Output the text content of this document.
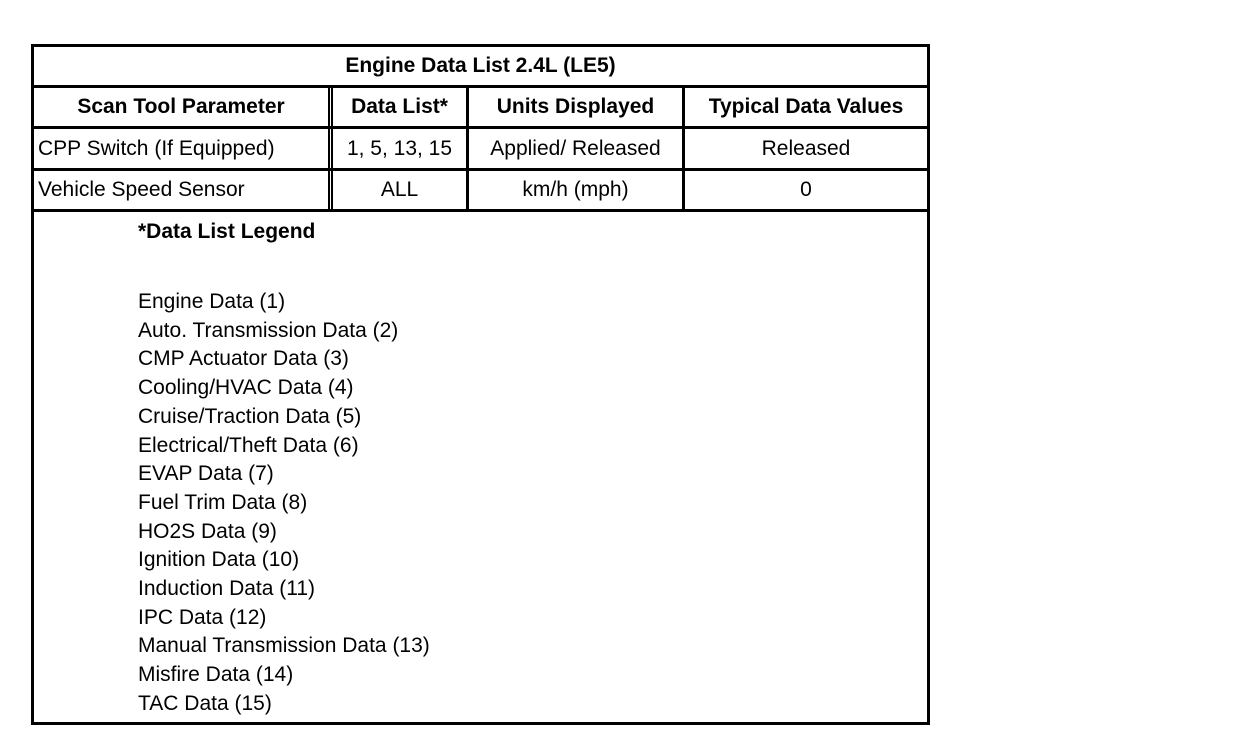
Engine Data List 2.4L (LE5)
Scan Tool Parameter	Data List*	Units Displayed	Typical Data Values
CPP Switch (If Equipped)	1, 5, 13, 15	Applied/ Released	Released
Vehicle Speed Sensor	ALL	km/h (mph)	0
*Data List Legend
Engine Data (1)
Auto. Transmission Data (2)
CMP Actuator Data (3)
Cooling/HVAC Data (4)
Cruise/Traction Data (5)
Electrical/Theft Data (6)
EVAP Data (7)
Fuel Trim Data (8)
HO2S Data (9)
Ignition Data (10)
Induction Data (11)
IPC Data (12)
Manual Transmission Data (13)
Misfire Data (14)
TAC Data (15)
